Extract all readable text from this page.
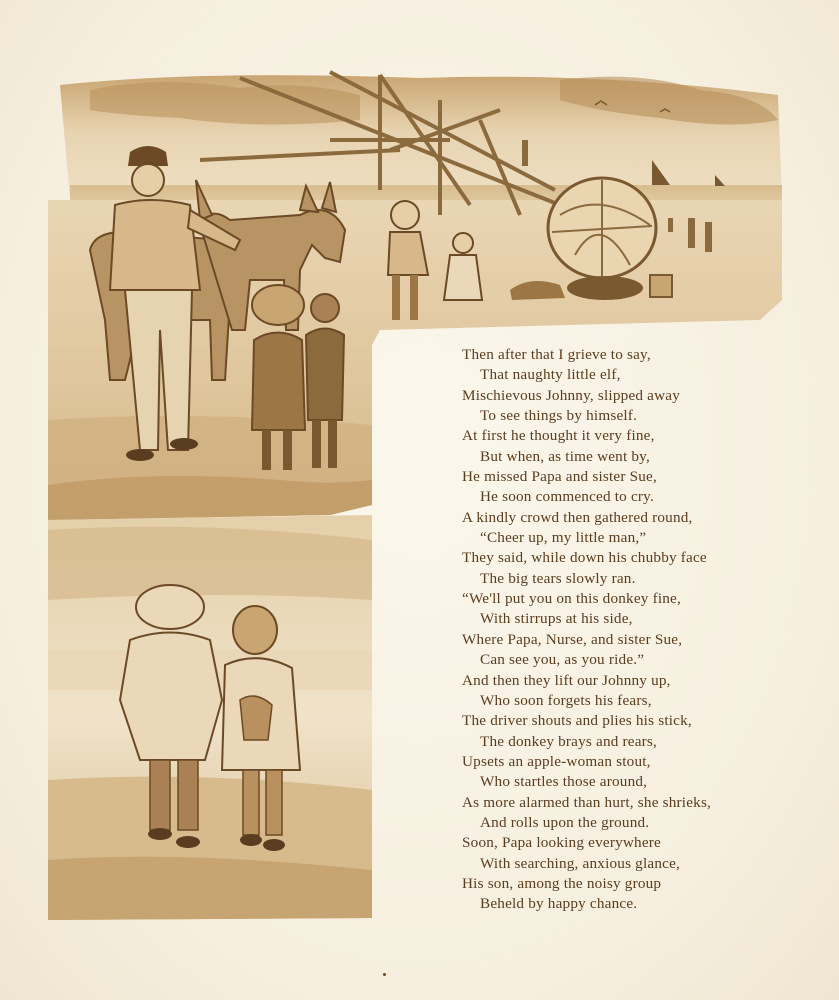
Then after that I grieve to say,
That naughty little elf,
Mischievous Johnny, slipped away
To see things by himself.
At first he thought it very fine,
But when, as time went by,
He missed Papa and sister Sue,
He soon commenced to cry.
A kindly crowd then gathered round,
“Cheer up, my little man,”
They said, while down his chubby face
The big tears slowly ran.
“We'll put you on this donkey fine,
With stirrups at his side,
Where Papa, Nurse, and sister Sue,
Can see you, as you ride.”
And then they lift our Johnny up,
Who soon forgets his fears,
The driver shouts and plies his stick,
The donkey brays and rears,
Upsets an apple-woman stout,
Who startles those around,
As more alarmed than hurt, she shrieks,
And rolls upon the ground.
Soon, Papa looking everywhere
With searching, anxious glance,
His son, among the noisy group
Beheld by happy chance.
